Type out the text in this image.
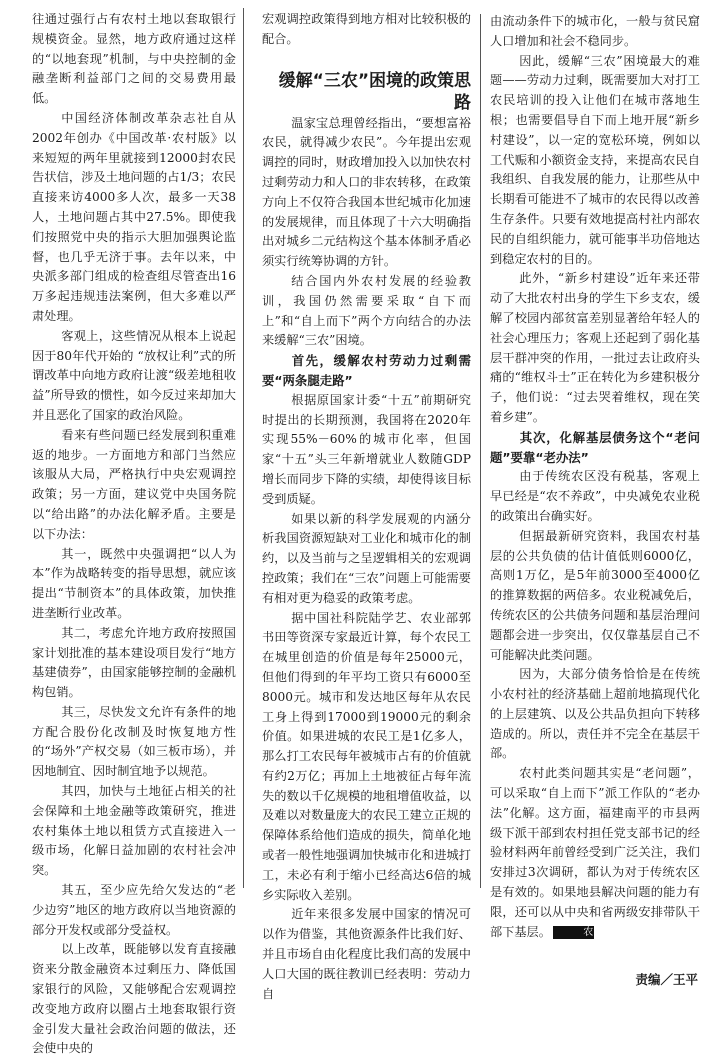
往通过强行占有农村土地以套取银行规模资金。显然，地方政府通过这样的“以地套现”机制，与中央控制的金融垄断利益部门之间的交易费用最低。

中国经济体制改革杂志社自从2002年创办《中国改革·农村版》以来短短的两年里就接到12000封农民告状信，涉及土地问题的占1/3；农民直接来访4000多人次，最多一天38人，土地问题占其中27.5%。即使我们按照党中央的指示大胆加强舆论监督，也几乎无济于事。去年以来，中央派多部门组成的检查组尽管查出16万多起违规违法案例，但大多难以严肃处理。

客观上，这些情况从根本上说起因于80年代开始的 “放权让利”式的所谓改革中向地方政府让渡“级差地租收益”所导致的惯性，如今反过来却加大并且恶化了国家的政治风险。

看来有些问题已经发展到积重难返的地步。一方面地方和部门当然应该服从大局，严格执行中央宏观调控政策；另一方面，建议党中央国务院以“给出路”的办法化解矛盾。主要是以下办法：

其一，既然中央强调把“以人为本”作为战略转变的指导思想，就应该提出“节制资本”的具体政策，加快推进垄断行业改革。

其二，考虑允许地方政府按照国家计划批准的基本建设项目发行“地方基建债券”，由国家能够控制的金融机构包销。

其三，尽快发文允许有条件的地方配合股份化改制及时恢复地方性的“场外”产权交易（如三板市场），并因地制宜、因时制宜地予以规范。

其四，加快与土地征占相关的社会保障和土地金融等政策研究，推进农村集体土地以租赁方式直接进入一级市场，化解日益加剧的农村社会冲突。

其五，至少应先给欠发达的“老少边穷”地区的地方政府以当地资源的部分开发权或部分受益权。

以上改革，既能够以发育直接融资来分散金融资本过剩压力、降低国家银行的风险，又能够配合宏观调控改变地方政府以圈占土地套取银行资金引发大量社会政治问题的做法，还会使中央的

宏观调控政策得到地方相对比较积极的配合。

缓解“三农”困境的政策思路

温家宝总理曾经指出，“要想富裕农民，就得减少农民”。今年提出宏观调控的同时，财政增加投入以加快农村过剩劳动力和人口的非农转移，在政策方向上不仅符合我国本世纪城市化加速的发展规律，而且体现了十六大明确指出对城乡二元结构这个基本体制矛盾必须实行统筹协调的方针。

结合国内外农村发展的经验教训，我国仍然需要采取“自下而上”和“自上而下”两个方向结合的办法来缓解“三农”困境。

首先，缓解农村劳动力过剩需要“两条腿走路”

根据原国家计委“十五”前期研究时提出的长期预测，我国将在2020年实现55%－60%的城市化率，但国家“十五”头三年新增就业人数随GDP增长而同步下降的实绩，却使得该目标受到质疑。

如果以新的科学发展观的内涵分析我国资源短缺对工业化和城市化的制约，以及当前与之呈逻辑相关的宏观调控政策；我们在“三农”问题上可能需要有相对更为稳妥的政策考虑。

据中国社科院陆学艺、农业部郭书田等资深专家最近计算，每个农民工在城里创造的价值是每年25000元，但他们得到的年平均工资只有6000至8000元。城市和发达地区每年从农民工身上得到17000到19000元的剩余价值。如果进城的农民工是1亿多人，那么打工农民每年被城市占有的价值就有约2万亿；再加上土地被征占每年流失的数以千亿规模的地租增值收益，以及难以对数量庞大的农民工建立正规的保障体系给他们造成的损失，简单化地或者一般性地强调加快城市化和进城打工，未必有利于缩小已经高达6倍的城乡实际收入差别。

近年来很多发展中国家的情况可以作为借鉴，其他资源条件比我们好、并且市场自由化程度比我们高的发展中人口大国的既往教训已经表明：劳动力自

由流动条件下的城市化，一般与贫民窟人口增加和社会不稳同步。

因此，缓解“三农”困境最大的难题——劳动力过剩，既需要加大对打工农民培训的投入让他们在城市落地生根；也需要倡导自下而上地开展“新乡村建设”，以一定的宽松环境，例如以工代赈和小额资金支持，来提高农民自我组织、自我发展的能力，让那些从中长期看可能进不了城市的农民得以改善生存条件。只要有效地提高村社内部农民的自组织能力，就可能事半功倍地达到稳定农村的目的。

此外，“新乡村建设”近年来还带动了大批农村出身的学生下乡支农，缓解了校园内部贫富差别显著给年轻人的社会心理压力；客观上还起到了弱化基层干群冲突的作用，一批过去让政府头痛的“维权斗士”正在转化为乡建积极分子，他们说：“过去哭着维权，现在笑着乡建”。

其次，化解基层债务这个“老问题”要靠“老办法”

由于传统农区没有税基，客观上早已经是“农不养政”，中央减免农业税的政策出台确实好。

但据最新研究资料，我国农村基层的公共负债的估计值低则6000亿，高则1万亿，是5年前3000至4000亿的推算数据的两倍多。农业税减免后，传统农区的公共债务问题和基层治理问题都会进一步突出，仅仅靠基层自己不可能解决此类问题。

因为，大部分债务恰恰是在传统小农村社的经济基础上超前地搞现代化的上层建筑、以及公共品负担向下转移造成的。所以，责任并不完全在基层干部。

农村此类问题其实是“老问题”，可以采取“自上而下”派工作队的“老办法”化解。这方面，福建南平的市县两级下派干部到农村担任党支部书记的经验材料两年前曾经受到广泛关注，我们安排过3次调研，都认为对于传统农区是有效的。如果地县解决问题的能力有限，还可以从中央和省两级安排带队干部下基层。	农

责编／王平
